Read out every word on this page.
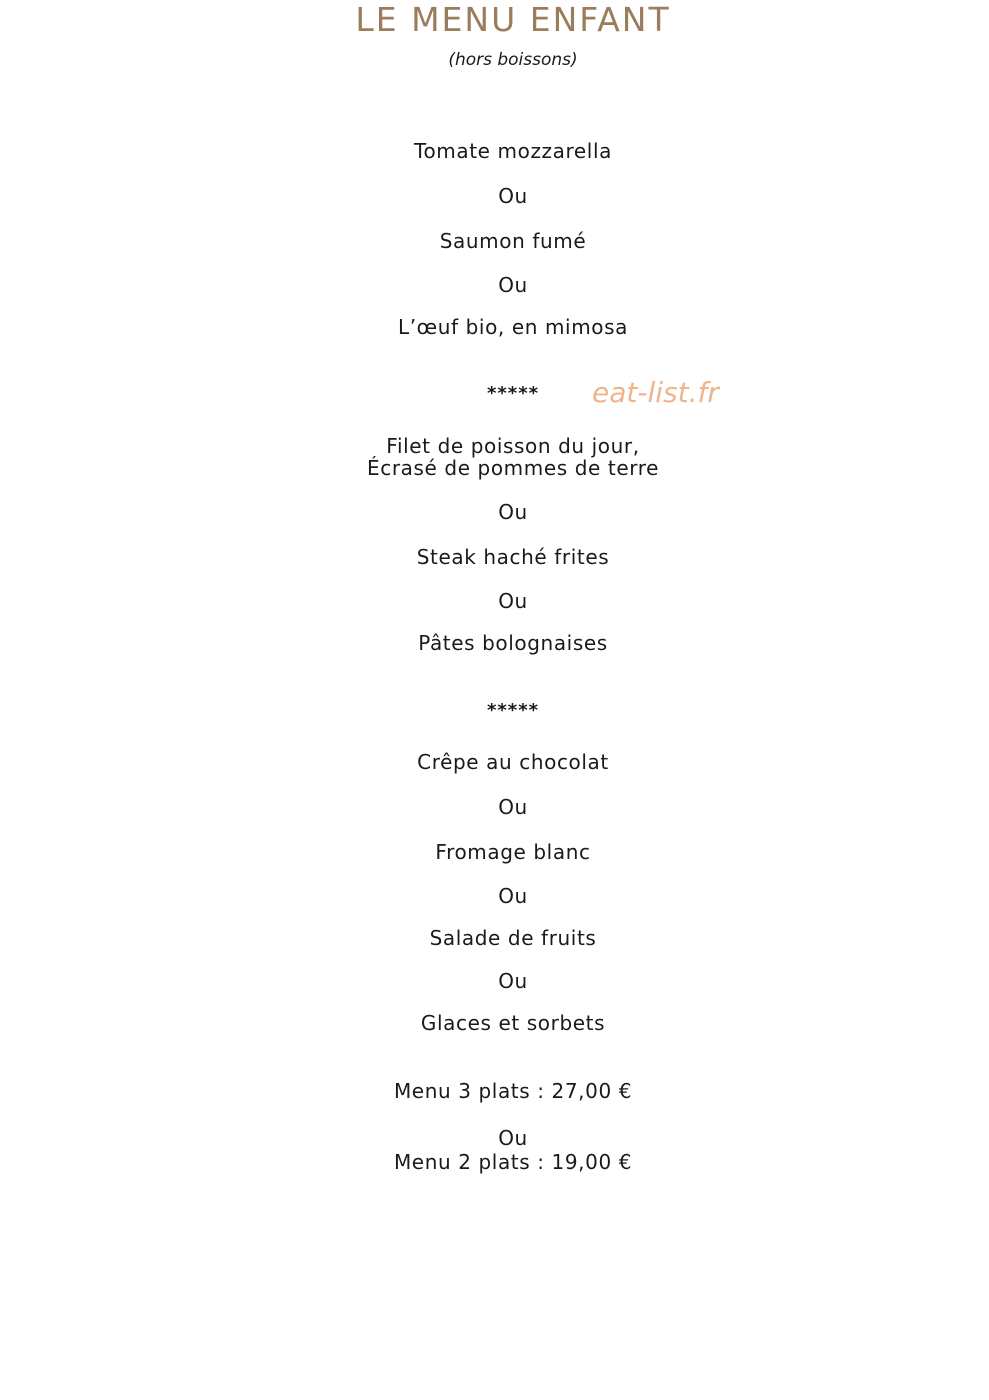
LE MENU ENFANT
(hors boissons)
Tomate mozzarella
Ou
Saumon fumé
Ou
L’œuf bio, en mimosa
*****	eat-list.fr
Filet de poisson du jour,
Écrasé de pommes de terre
Ou
Steak haché frites
Ou
Pâtes bolognaises
*****
Crêpe au chocolat
Ou
Fromage blanc
Ou
Salade de fruits
Ou
Glaces et sorbets
Menu 3 plats : 27,00 €
Ou
Menu 2 plats : 19,00 €
